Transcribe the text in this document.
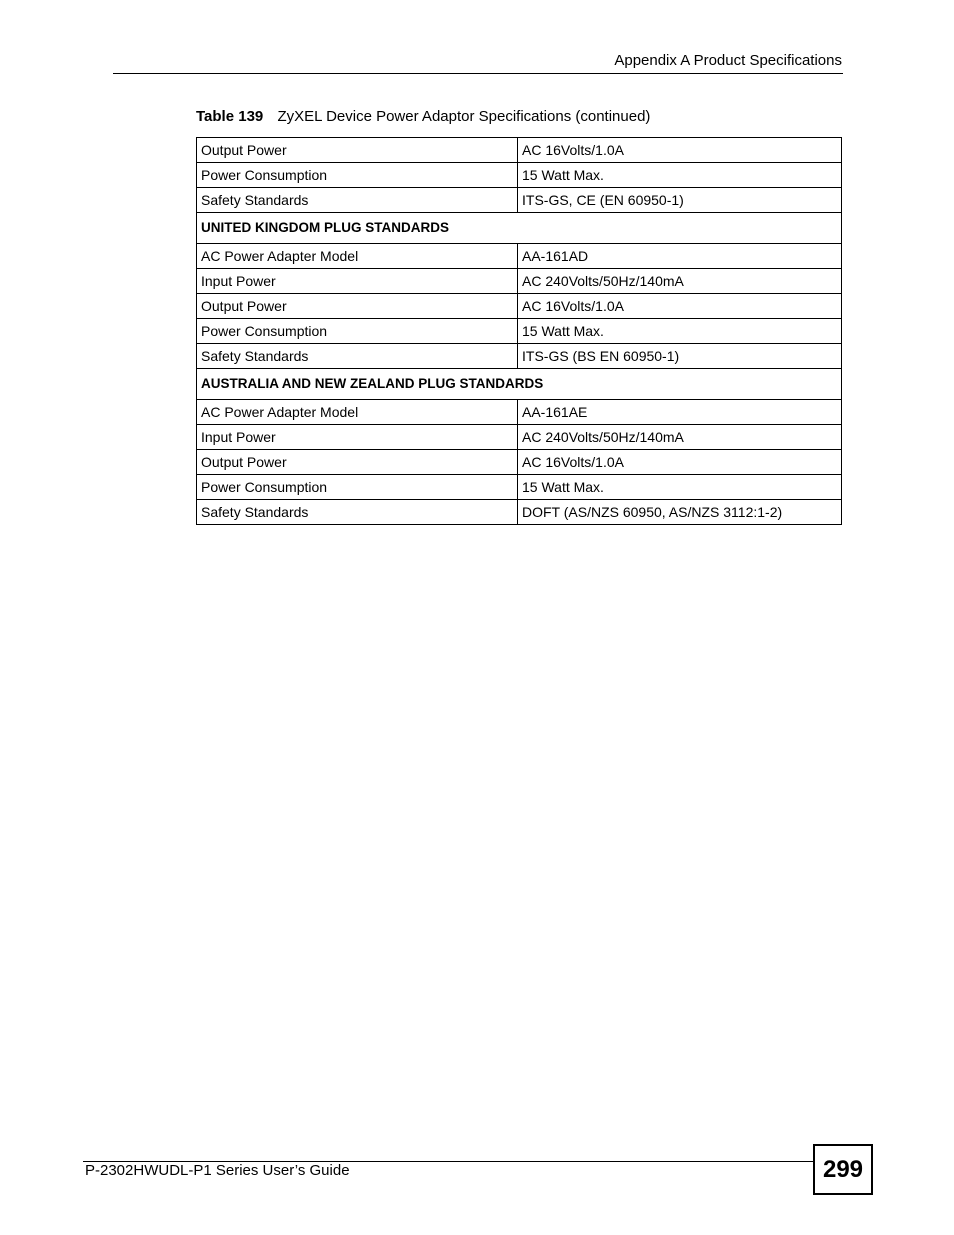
Appendix A Product Specifications
Table 139 ZyXEL Device Power Adaptor Specifications (continued)
Output Power	AC 16Volts/1.0A
Power Consumption	15 Watt Max.
Safety Standards	ITS-GS, CE (EN 60950-1)
UNITED KINGDOM PLUG STANDARDS	
AC Power Adapter Model	AA-161AD
Input Power	AC 240Volts/50Hz/140mA
Output Power	AC 16Volts/1.0A
Power Consumption	15 Watt Max.
Safety Standards	ITS-GS (BS EN 60950-1)
AUSTRALIA AND NEW ZEALAND PLUG STANDARDS	
AC Power Adapter Model	AA-161AE
Input Power	AC 240Volts/50Hz/140mA
Output Power	AC 16Volts/1.0A
Power Consumption	15 Watt Max.
Safety Standards	DOFT (AS/NZS 60950, AS/NZS 3112:1-2)
P-2302HWUDL-P1 Series User’s Guide	299
